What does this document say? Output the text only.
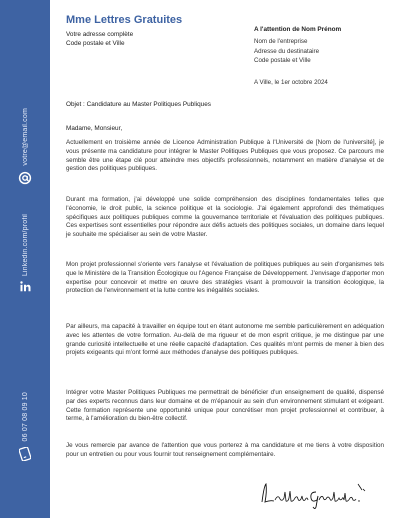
votre@email.com
Linkedin.com/profil
06 07 08 09 10
Mme Lettres Gratuites
Votre adresse complète
Code postale et Ville
A l'attention de Nom Prénom
Nom de l'entreprise
Adresse du destinataire
Code postale et Ville
A Ville, le 1er octobre 2024
Objet : Candidature au Master Politiques Publiques
Madame, Monsieur,

Actuellement en troisième année de Licence Administration Publique à l'Université de [Nom de l'université], je vous présente ma candidature pour intégrer le Master Politiques Publiques que vous proposez. Ce parcours me semble être une étape clé pour atteindre mes objectifs professionnels, notamment en matière d'analyse et de gestion des politiques publiques.

Durant ma formation, j'ai développé une solide compréhension des disciplines fondamentales telles que l'économie, le droit public, la science politique et la sociologie. J'ai également approfondi des thématiques spécifiques aux politiques publiques comme la gouvernance territoriale et l'évaluation des politiques publiques. Ces expertises sont essentielles pour répondre aux défis actuels des politiques sociales, un domaine dans lequel je souhaite me spécialiser au sein de votre Master.

Mon projet professionnel s'oriente vers l'analyse et l'évaluation de politiques publiques au sein d'organismes tels que le Ministère de la Transition Écologique ou l'Agence Française de Développement. J'envisage d'apporter mon expertise pour concevoir et mettre en œuvre des stratégies visant à promouvoir la transition écologique, la protection de l'environnement et la lutte contre les inégalités sociales.

Par ailleurs, ma capacité à travailler en équipe tout en étant autonome me semble particulièrement en adéquation avec les attentes de votre formation. Au-delà de ma rigueur et de mon esprit critique, je me distingue par une grande curiosité intellectuelle et une réelle capacité d'adaptation. Ces qualités m'ont permis de mener à bien des projets exigeants qui m'ont formé aux méthodes d'analyse des politiques publiques.

Intégrer votre Master Politiques Publiques me permettrait de bénéficier d'un enseignement de qualité, dispensé par des experts reconnus dans leur domaine et de m'épanouir au sein d'un environnement stimulant et exigeant. Cette formation représente une opportunité unique pour concrétiser mon projet professionnel et contribuer, à terme, à l'amélioration du bien-être collectif.

Je vous remercie par avance de l'attention que vous porterez à ma candidature et me tiens à votre disposition pour un entretien ou pour vous fournir tout renseignement complémentaire.
